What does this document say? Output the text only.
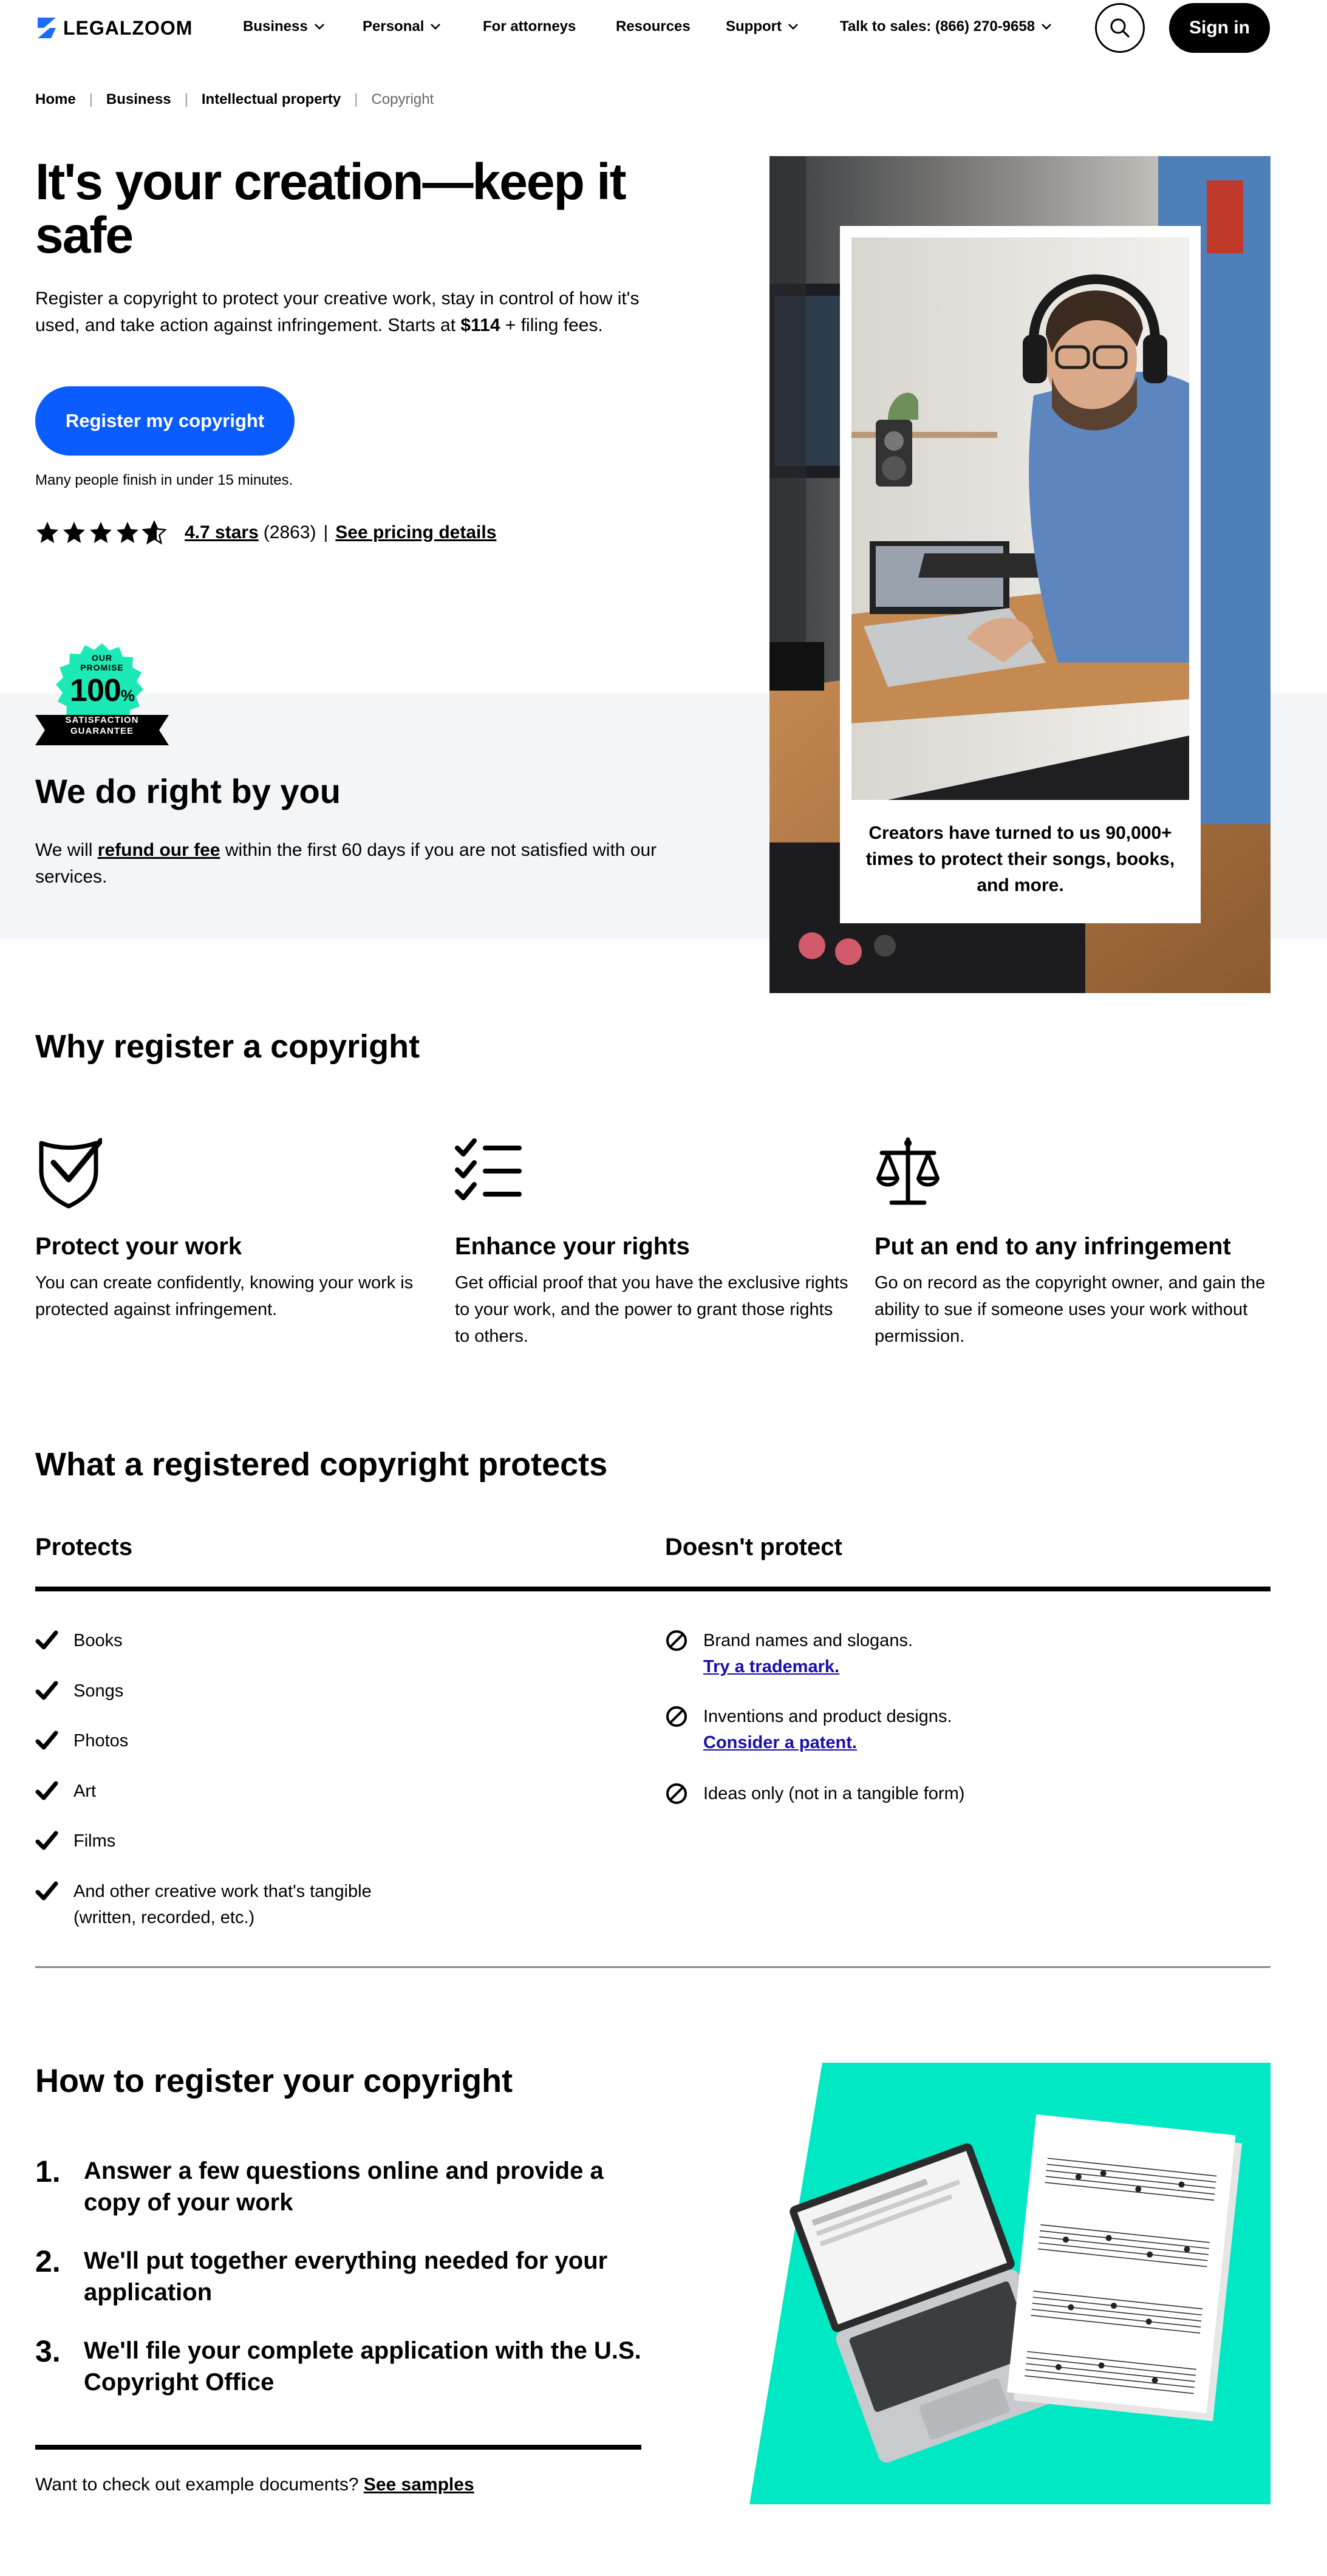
LEGALZOOM	Business	Personal	For attorneys	Resources Support	Talk to sales: (866) 270-9658	Sign in
Home | Business | Intellectual property | Copyright
It's your creation—keep it safe

Register a copyright to protect your creative work, stay in control of how it's used, and take action against infringement. Starts at $114 + filing fees.

Register my copyright
Many people finish in under 15 minutes.
4.7 stars (2863) | See pricing details
OUR
PROMISE
100%
SATISFACTION
GUARANTEE
We do right by you

We will refund our fee within the first 60 days if you are not satisfied with our services.

Creators have turned to us 90,000+ times to protect their songs, books, and more.
Why register a copyright
Protect your work
You can create confidently, knowing your work is protected against infringement.
Enhance your rights
Get official proof that you have the exclusive rights to your work, and the power to grant those rights to others.
Put an end to any infringement
Go on record as the copyright owner, and gain the ability to sue if someone uses your work without permission.
What a registered copyright protects
Protects	Doesn't protect
Books
Songs
Photos
Art
Films
And other creative work that's tangible (written, recorded, etc.)
Brand names and slogans.
Try a trademark.
Inventions and product designs.
Consider a patent.
Ideas only (not in a tangible form)
How to register your copyright
1. Answer a few questions online and provide a copy of your work
2. We'll put together everything needed for your application
3. We'll file your complete application with the U.S. Copyright Office
Want to check out example documents? See samples
